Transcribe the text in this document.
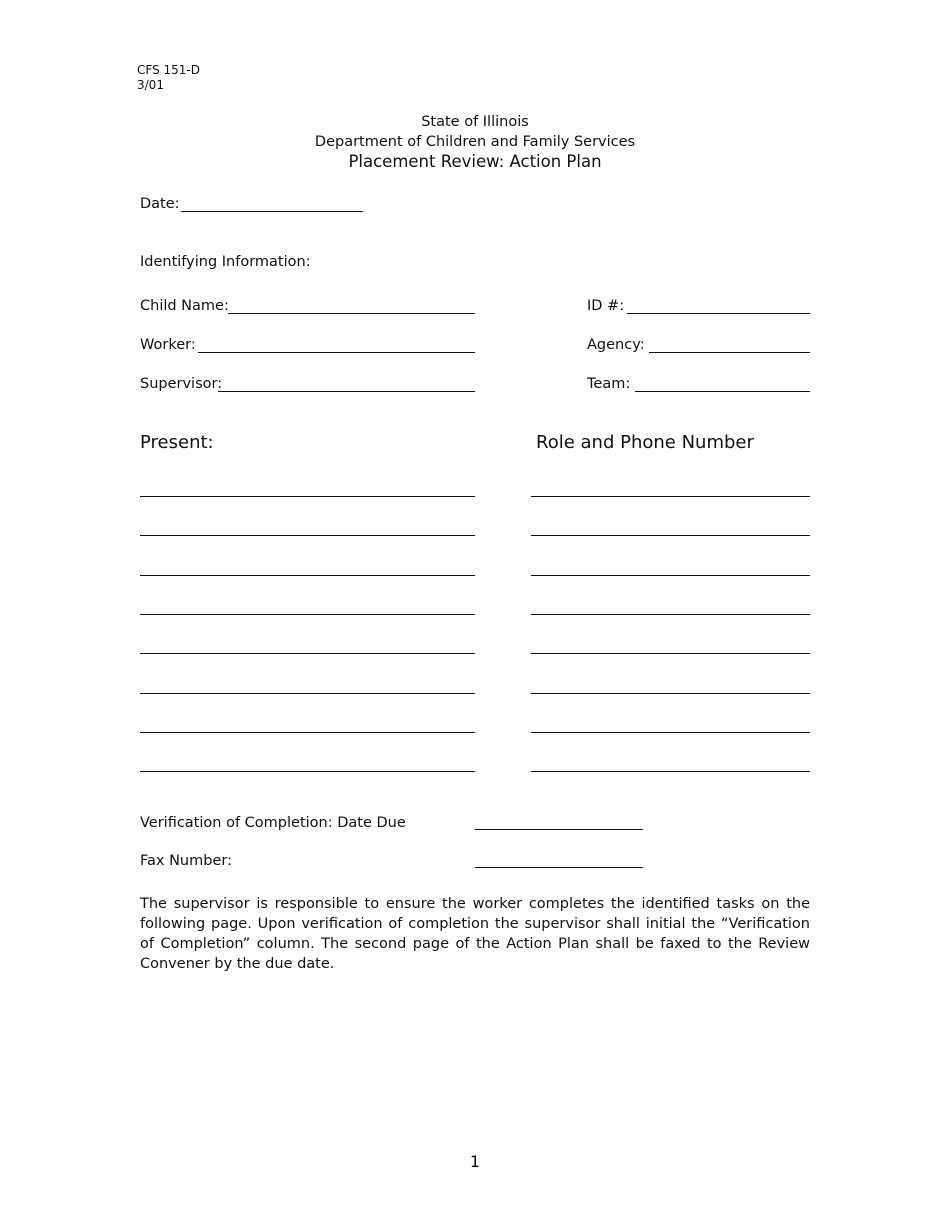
CFS 151-D
3/01
State of Illinois
Department of Children and Family Services
Placement Review: Action Plan
Date:
Identifying Information:
Child Name:	ID #:
Worker:	Agency:
Supervisor:	Team:
Present:	Role and Phone Number
Verification of Completion: Date Due
Fax Number:
The supervisor is responsible to ensure the worker completes the identified tasks on the following page. Upon verification of completion the supervisor shall initial the “Verification of Completion” column. The second page of the Action Plan shall be faxed to the Review Convener by the due date.
1
